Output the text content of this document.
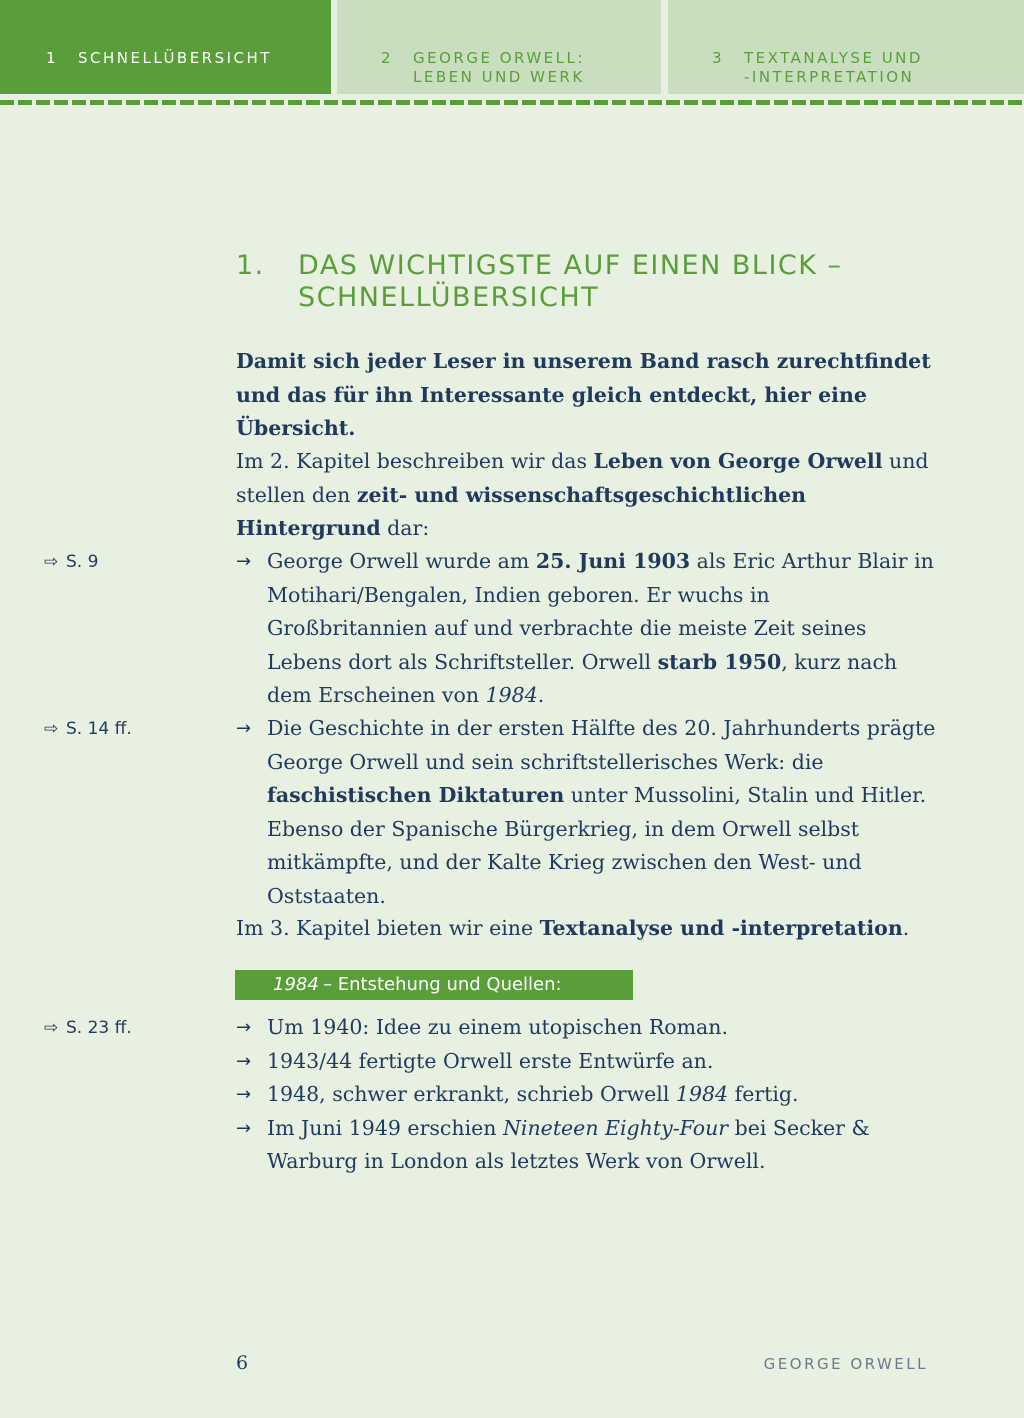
1 SCHNELLÜBERSICHT	2 GEORGE ORWELL:
LEBEN UND WERK
3 TEXTANALYSE UND
-INTERPRETATION
1. DAS WICHTIGSTE AUF EINEN BLICK –
SCHNELLÜBERSICHT
Damit sich jeder Leser in unserem Band rasch zurechtfindet und das für ihn Interessante gleich entdeckt, hier eine Übersicht.
Im 2. Kapitel beschreiben wir das Leben von George Orwell und stellen den zeit- und wissenschaftsgeschichtlichen Hintergrund dar:
⇨ S. 9	→ George Orwell wurde am 25. Juni 1903 als Eric Arthur Blair in Motihari/Bengalen, Indien geboren. Er wuchs in Großbritannien auf und verbrachte die meiste Zeit seines Lebens dort als Schriftsteller. Orwell starb 1950, kurz nach dem Erscheinen von 1984.
⇨ S. 14 ff.	→ Die Geschichte in der ersten Hälfte des 20. Jahrhunderts prägte George Orwell und sein schriftstellerisches Werk: die faschistischen Diktaturen unter Mussolini, Stalin und Hitler. Ebenso der Spanische Bürgerkrieg, in dem Orwell selbst mitkämpfte, und der Kalte Krieg zwischen den West- und Oststaaten.
Im 3. Kapitel bieten wir eine Textanalyse und -interpretation.
1984 – Entstehung und Quellen:
⇨ S. 23 ff.	→ Um 1940: Idee zu einem utopischen Roman.
→ 1943/44 fertigte Orwell erste Entwürfe an.
→ 1948, schwer erkrankt, schrieb Orwell 1984 fertig.
→ Im Juni 1949 erschien Nineteen Eighty-Four bei Secker & Warburg in London als letztes Werk von Orwell.
6	GEORGE ORWELL
